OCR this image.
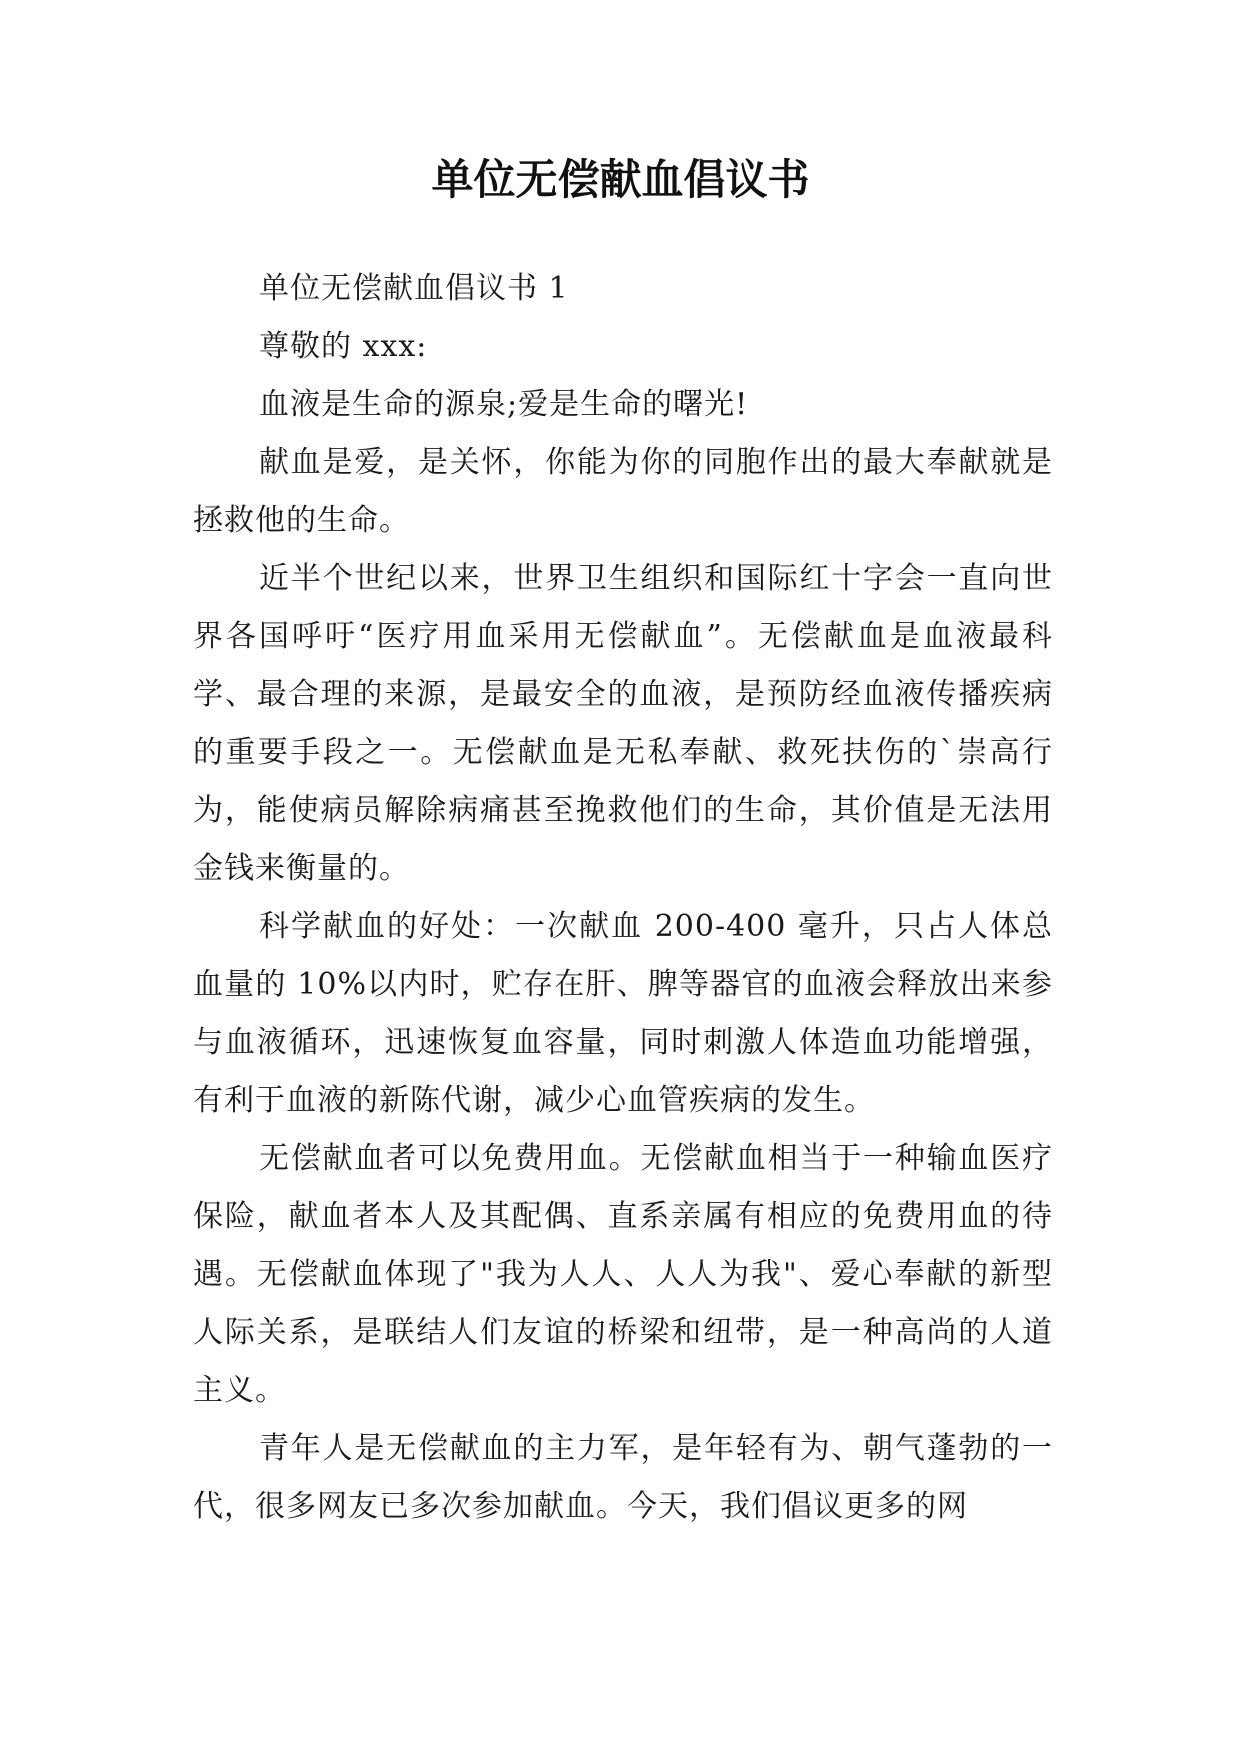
单位无偿献血倡议书

单位无偿献血倡议书 1

尊敬的 xxx:

血液是生命的源泉;爱是生命的曙光!

献血是爱，是关怀，你能为你的同胞作出的最大奉献就是拯救他的生命。

近半个世纪以来，世界卫生组织和国际红十字会一直向世界各国呼吁“医疗用血采用无偿献血”。无偿献血是血液最科学、最合理的来源，是最安全的血液，是预防经血液传播疾病的重要手段之一。无偿献血是无私奉献、救死扶伤的`崇高行为，能使病员解除病痛甚至挽救他们的生命，其价值是无法用金钱来衡量的。

科学献血的好处：一次献血 200-400 毫升，只占人体总血量的 10%以内时，贮存在肝、脾等器官的血液会释放出来参与血液循环，迅速恢复血容量，同时刺激人体造血功能增强，有利于血液的新陈代谢，减少心血管疾病的发生。

无偿献血者可以免费用血。无偿献血相当于一种输血医疗保险，献血者本人及其配偶、直系亲属有相应的免费用血的待遇。无偿献血体现了"我为人人、人人为我"、爱心奉献的新型人际关系，是联结人们友谊的桥梁和纽带，是一种高尚的人道主义。

青年人是无偿献血的主力军，是年轻有为、朝气蓬勃的一代，很多网友已多次参加献血。今天，我们倡议更多的网
